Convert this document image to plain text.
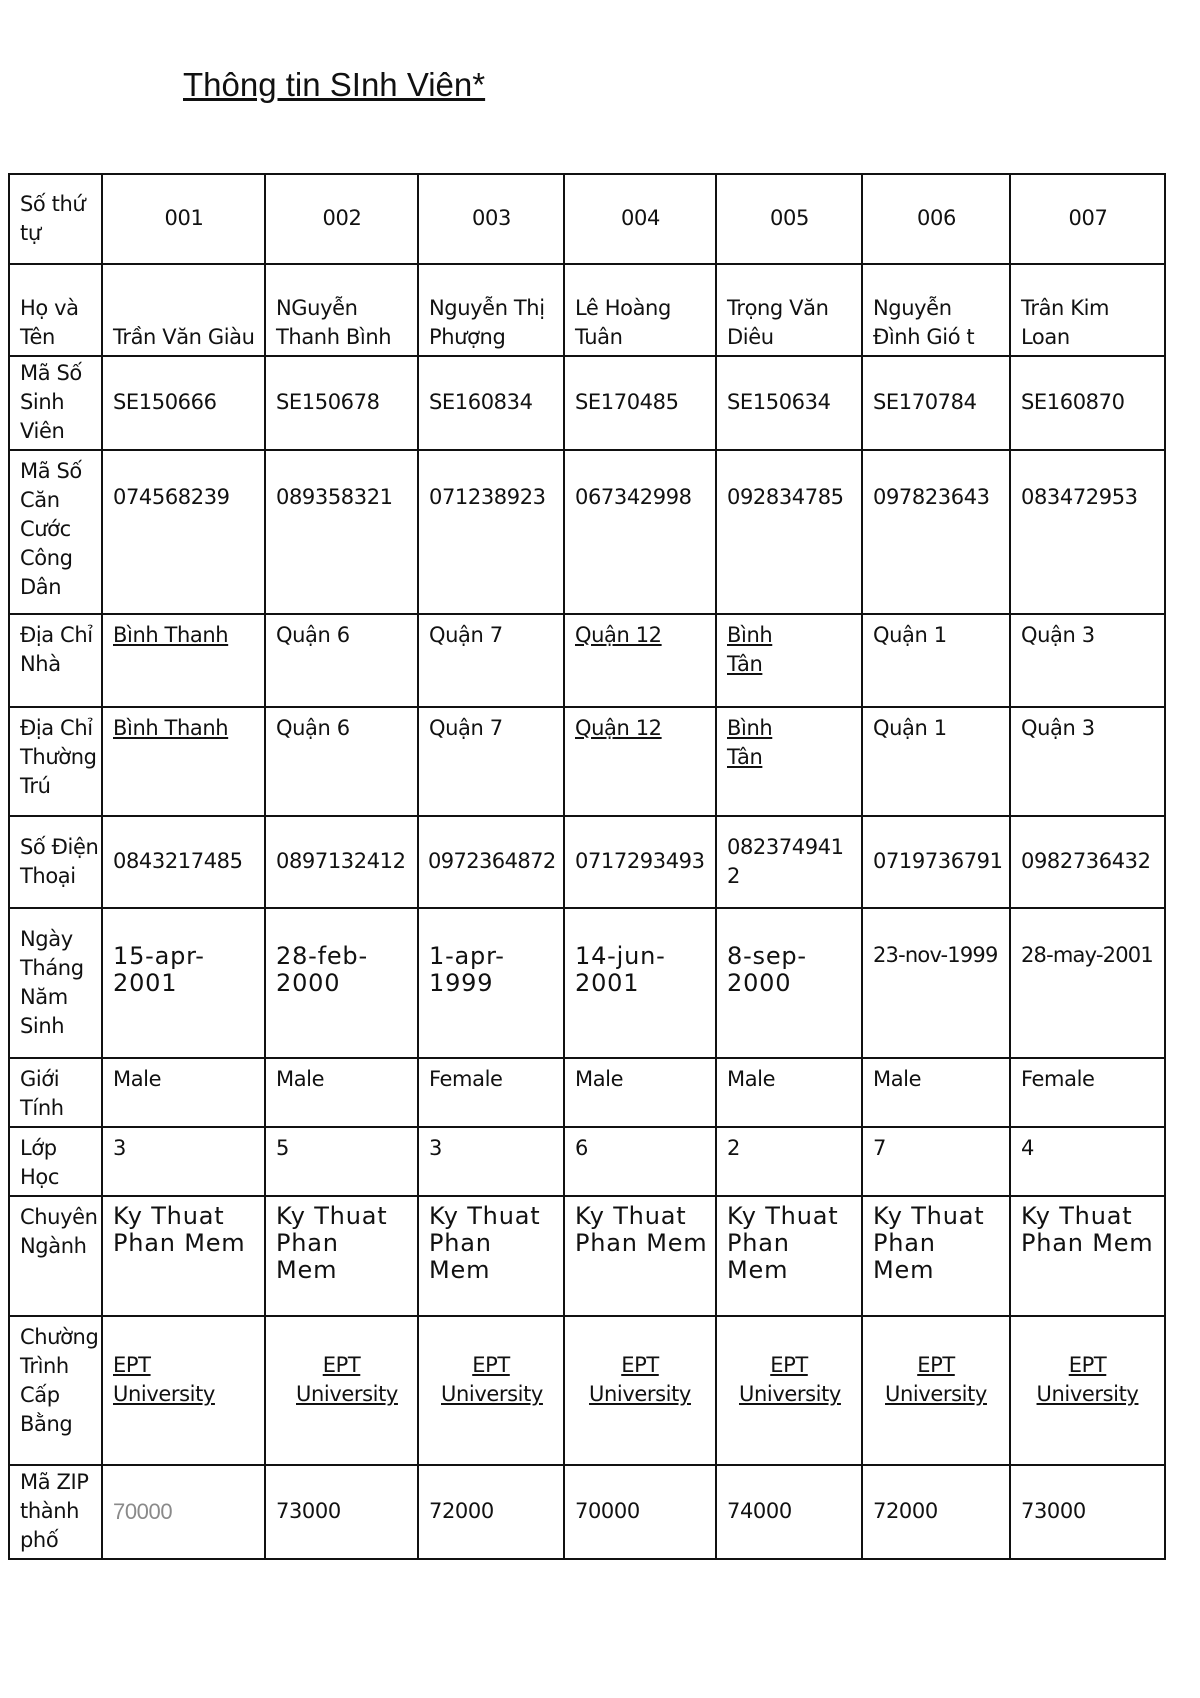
Thông tin SInh Viên*
Số thứ tự	001	002	003	004	005	006	007
Họ và Tên	Trần Văn Giàu	NGuyễn Thanh Bình	Nguyễn Thị Phượng	Lê Hoàng Tuân	Trọng Văn Diêu	Nguyễn Đình Gió t	Trân Kim Loan
Mã Số Sinh Viên	SE150666	SE150678	SE160834	SE170485	SE150634	SE170784	SE160870
Mã Số Căn Cước Công Dân	074568239	089358321	071238923	067342998	092834785	097823643	083472953
Địa Chỉ Nhà	Bình Thanh	Quận 6	Quận 7	Quận 12	Bình Tân	Quận 1	Quận 3
Địa Chỉ Thường Trú	Bình Thanh	Quận 6	Quận 7	Quận 12	Bình Tân	Quận 1	Quận 3
Số Điện Thoại	0843217485	0897132412	0972364872	0717293493	0823749412	0719736791	0982736432
Ngày Tháng Năm Sinh	15-apr-2001	28-feb-2000	1-apr-1999	14-jun-2001	8-sep-2000	23-nov-1999	28-may-2001
Giới Tính	Male	Male	Female	Male	Male	Male	Female
Lớp Học	3	5	3	6	2	7	4
Chuyên Ngành	Ky Thuat Phan Mem	Ky Thuat Phan Mem	Ky Thuat Phan Mem	Ky Thuat Phan Mem	Ky Thuat Phan Mem	Ky Thuat Phan Mem	Ky Thuat Phan Mem
Chường Trình Cấp Bằng	EPT University	EPT University	EPT University	EPT University	EPT University	EPT University	EPT University

Mã ZIP thành phố	70000	73000	72000	70000	74000	72000	73000
